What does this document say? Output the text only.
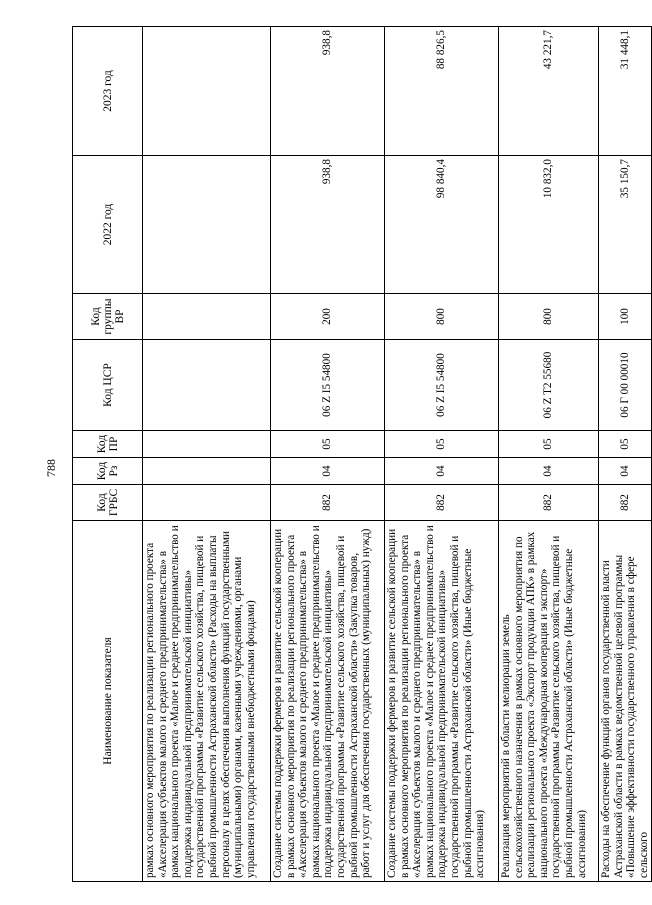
788
Наименование показателя	Код ГРБС	Код Рз	Код ПР	Код ЦСР	Код группы ВР	2022 год	2023 год
рамках основного мероприятия по реализации регионального проекта «Акселерация субъектов малого и среднего предпринимательства» в рамках национального проекта «Малое и среднее предпринимательство и поддержка индивидуальной предпринимательской инициативы» государственной программы «Развитие сельского хозяйства, пищевой и рыбной промышленности Астраханской области» (Расходы на выплаты персоналу в целях обеспечения выполнения функций государственными (муниципальными) органами, казенными учреждениями, органами управления государственными внебюджетными фондами)							
Создание системы поддержки фермеров и развитие сельской кооперации в рамках основного мероприятия по реализации регионального проекта «Акселерация субъектов малого и среднего предпринимательства» в рамках национального проекта «Малое и среднее предпринимательство и поддержка индивидуальной предпринимательской инициативы» государственной программы «Развитие сельского хозяйства, пищевой и рыбной промышленности Астраханской области» (Закупка товаров, работ и услуг для обеспечения государственных (муниципальных) нужд)	882	04	05	06 Z I5 54800	200	938,8	938,8
Создание системы поддержки фермеров и развитие сельской кооперации в рамках основного мероприятия по реализации регионального проекта «Акселерация субъектов малого и среднего предпринимательства» в рамках национального проекта «Малое и среднее предпринимательство и поддержка индивидуальной предпринимательской инициативы» государственной программы «Развитие сельского хозяйства, пищевой и рыбной промышленности Астраханской области» (Иные бюджетные ассигнования)	882	04	05	06 Z I5 54800	800	98 840,4	88 826,5
Реализация мероприятий в области мелиорации земель сельскохозяйственного назначения в рамках основного мероприятия по реализации регионального проекта «Экспорт продукции АПК» в рамках национального проекта «Международная кооперация и экспорт» государственной программы «Развитие сельского хозяйства, пищевой и рыбной промышленности Астраханской области» (Иные бюджетные ассигнования)	882	04	05	06 Z T2 55680	800	10 832,0	43 221,7
Расходы на обеспечение функций органов государственной власти Астраханской области в рамках ведомственной целевой программы «Повышение эффективности государственного управления в сфере сельского	882	04	05	06 Г 00 00010	100	35 150,7	31 448,1
